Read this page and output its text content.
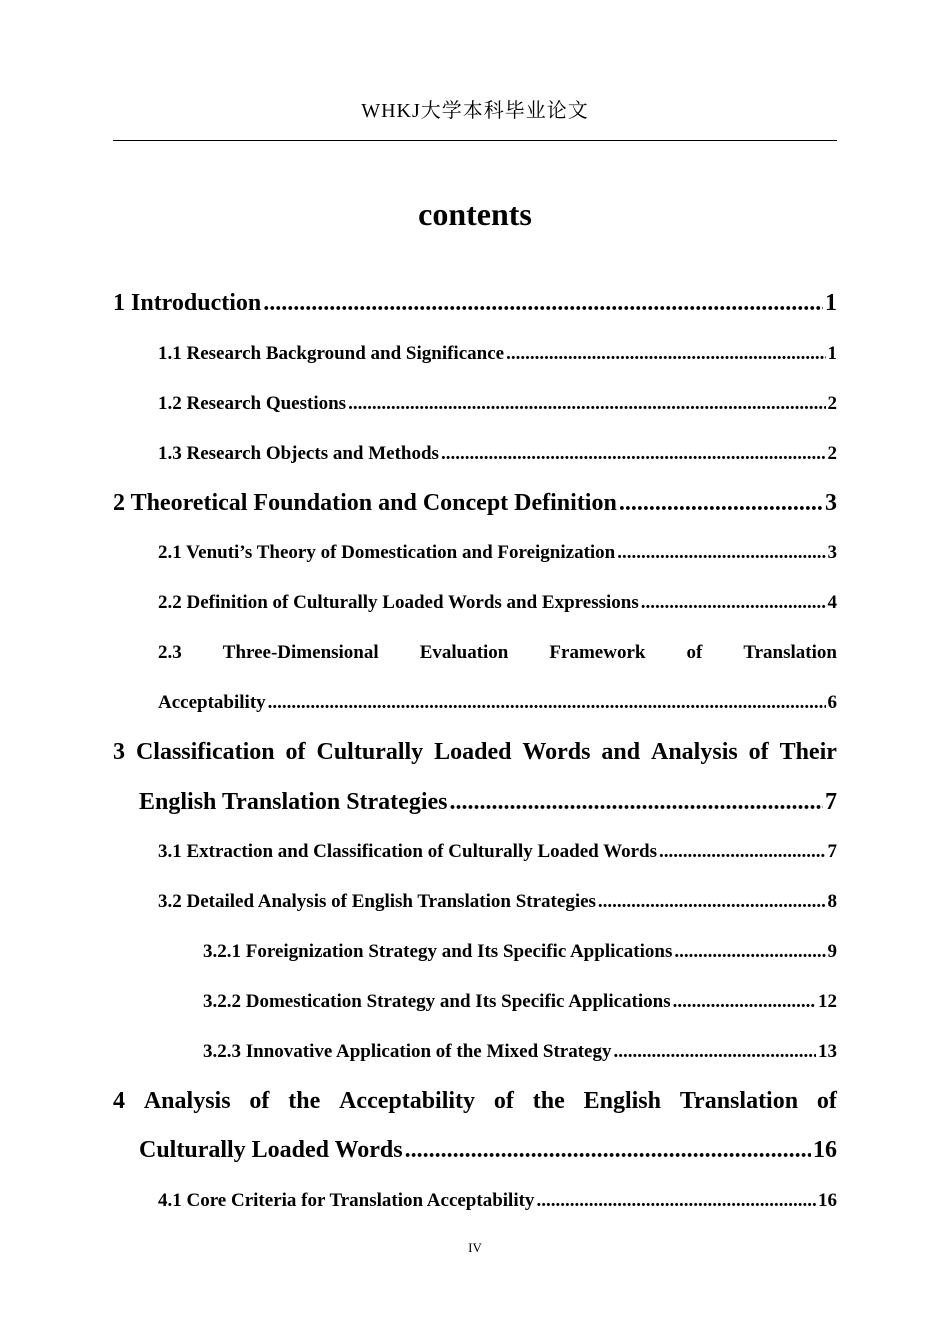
WHKJ大学本科毕业论文
contents
1 Introduction .....	1
1.1 Research Background and Significance .....	1
1.2 Research Questions .....	2
1.3 Research Objects and Methods .....	2
2 Theoretical Foundation and Concept Definition .....	3
2.1 Venuti’s Theory of Domestication and Foreignization .....	3
2.2 Definition of Culturally Loaded Words and Expressions .....	4
2.3 Three-Dimensional Evaluation Framework of Translation
Acceptability .....	6
3 Classification of Culturally Loaded Words and Analysis of Their
English Translation Strategies .....	7
3.1 Extraction and Classification of Culturally Loaded Words .....	7
3.2 Detailed Analysis of English Translation Strategies .....	8
3.2.1 Foreignization Strategy and Its Specific Applications .....	9
3.2.2 Domestication Strategy and Its Specific Applications .....	12
3.2.3 Innovative Application of the Mixed Strategy .....	13
4 Analysis of the Acceptability of the English Translation of
Culturally Loaded Words .....	16
4.1 Core Criteria for Translation Acceptability .....	16
IV
